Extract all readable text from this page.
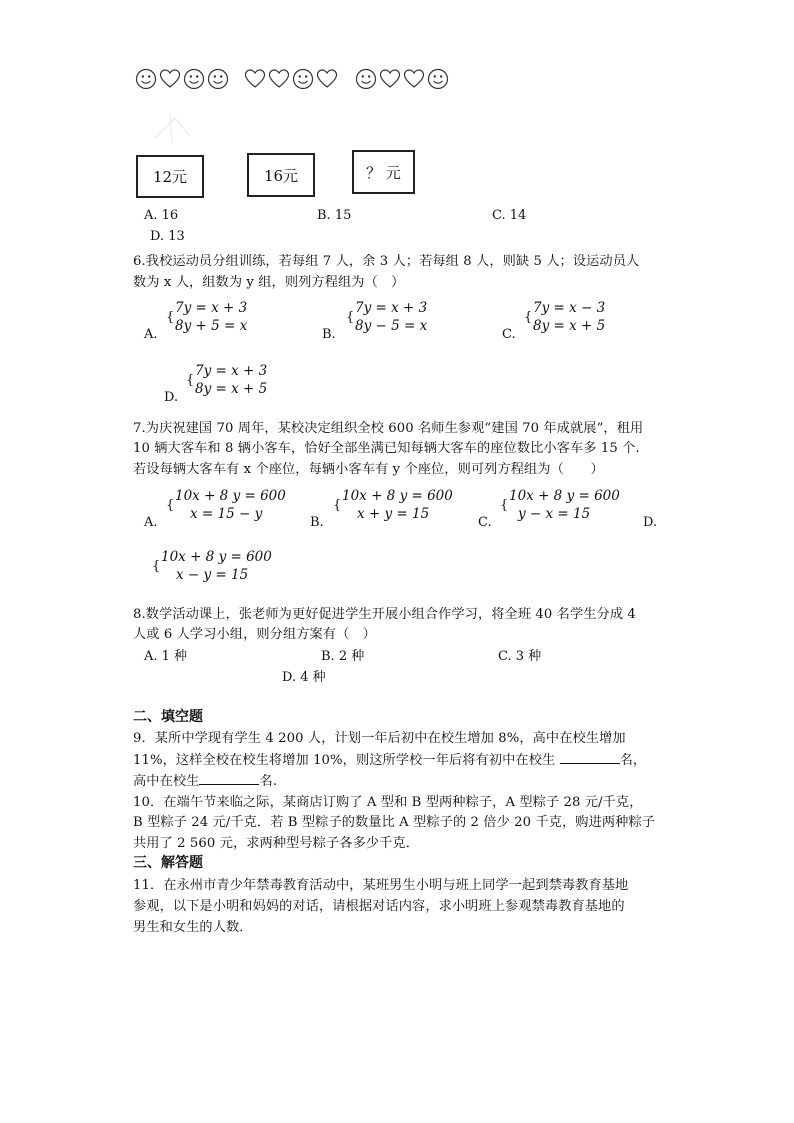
12元	16元	？ 元
A. 16	B. 15	C. 14
D. 13
6.我校运动员分组训练，若每组 7 人，余 3 人；若每组 8 人，则缺 5 人；设运动员人
数为 x 人，组数为 y 组，则列方程组为（　）
A.
{
7y = x + 3
8y + 5 = x
B.
{
7y = x + 3
8y − 5 = x
C.
{
7y = x − 3
8y = x + 5
D.
{
7y = x + 3
8y = x + 5
7.为庆祝建国 70 周年，某校决定组织全校 600 名师生参观“建国 70 年成就展”，租用
10 辆大客车和 8 辆小客车，恰好全部坐满已知每辆大客车的座位数比小客车多 15 个.
若设每辆大客车有 x 个座位，每辆小客车有 y 个座位，则可列方程组为（　　）
A.
{
10x + 8 y = 600
x = 15 − y
B.
{
10x + 8 y = 600
x + y = 15
C.
{
10x + 8 y = 600
y − x = 15
D.
{
10x + 8 y = 600
x − y = 15
8.数学活动课上，张老师为更好促进学生开展小组合作学习，将全班 40 名学生分成 4
人或 6 人学习小组，则分组方案有（　）
A. 1 种	B. 2 种	C. 3 种
D. 4 种
二、填空题
9．某所中学现有学生 4 200 人，计划一年后初中在校生增加 8%，高中在校生增加
11%，这样全校在校生将增加 10%，则这所学校一年后将有初中在校生	名，
高中在校生	名.
10．在端午节来临之际，某商店订购了 A 型和 B 型两种粽子，A 型粽子 28 元/千克，
B 型粽子 24 元/千克．若 B 型粽子的数量比 A 型粽子的 2 倍少 20 千克，购进两种粽子
共用了 2 560 元，求两种型号粽子各多少千克．
三、解答题
11．在永州市青少年禁毒教育活动中，某班男生小明与班上同学一起到禁毒教育基地
参观，以下是小明和妈妈的对话，请根据对话内容，求小明班上参观禁毒教育基地的
男生和女生的人数．
